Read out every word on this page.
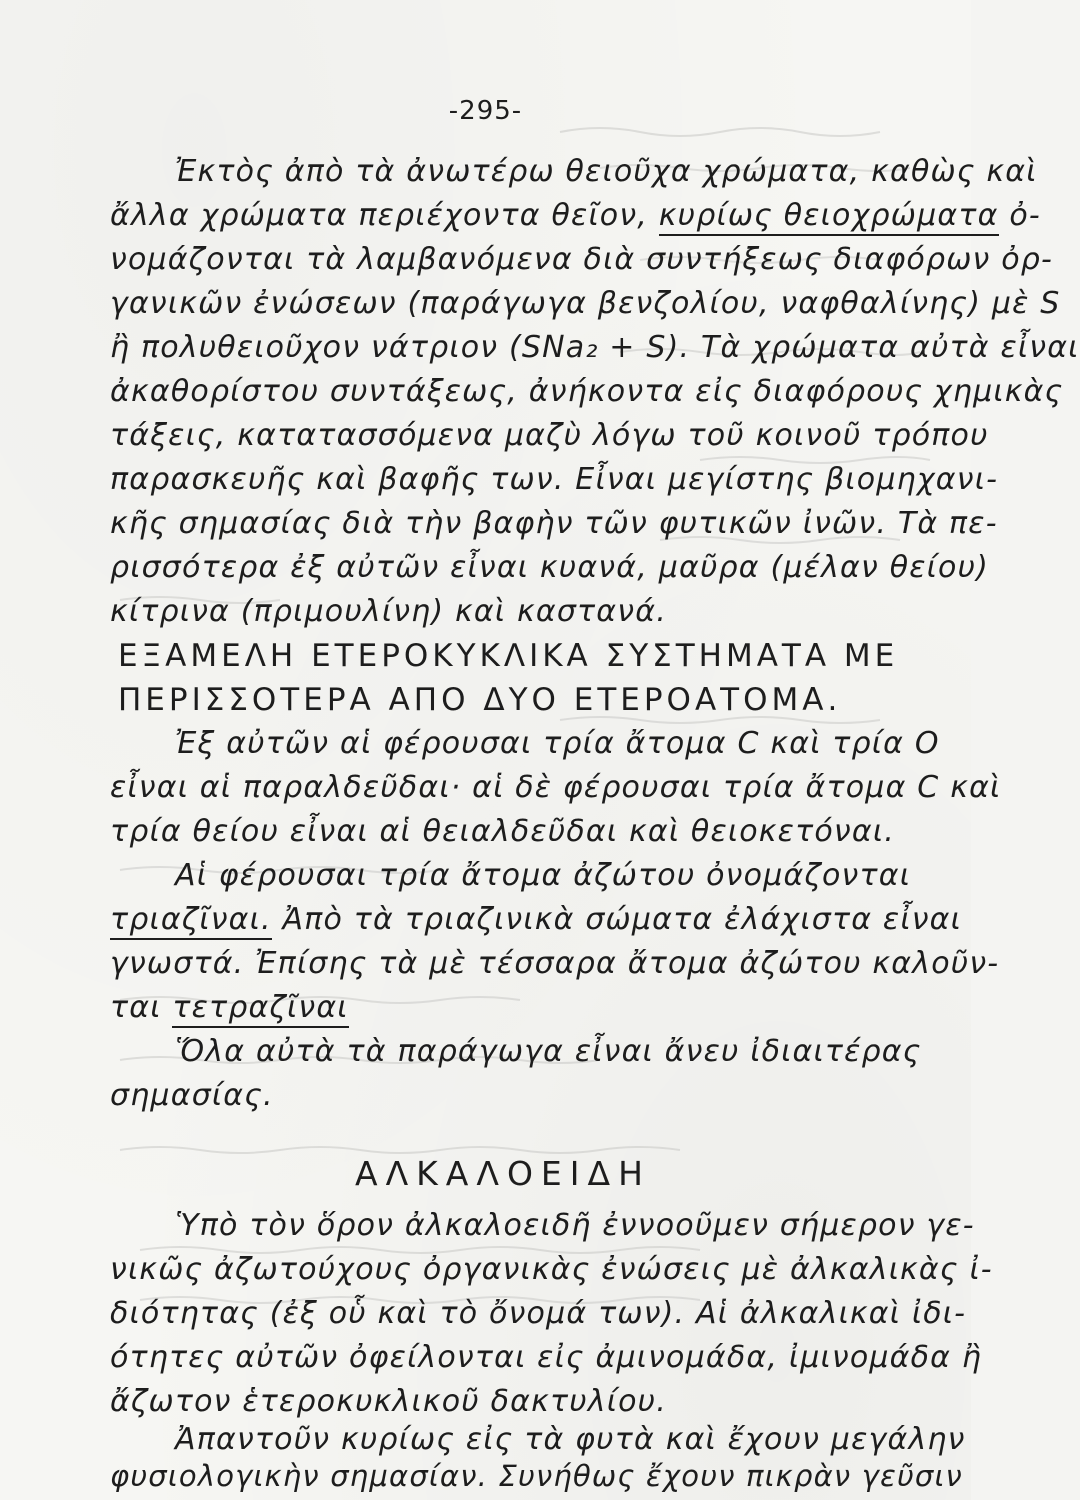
-295-
Ἐκτὸς ἀπὸ τὰ ἀνωτέρω θειοῦχα χρώματα, καθὼς καὶ
ἄλλα χρώματα περιέχοντα θεῖον, κυρίως θειοχρώματα ὀ-
νομάζονται τὰ λαμβανόμενα διὰ συντήξεως διαφόρων ὀρ-
γανικῶν ἐνώσεων (παράγωγα βενζολίου, ναφθαλίνης) μὲ S
ἢ πολυθειοῦχον νάτριον (SNa₂ + S). Τὰ χρώματα αὐτὰ εἶναι
ἀκαθορίστου συντάξεως, ἀνήκοντα εἰς διαφόρους χημικὰς
τάξεις, κατατασσόμενα μαζὺ λόγω τοῦ κοινοῦ τρόπου
παρασκευῆς καὶ βαφῆς των. Εἶναι μεγίστης βιομηχανι-
κῆς σημασίας διὰ τὴν βαφὴν τῶν φυτικῶν ἰνῶν. Τὰ πε-
ρισσότερα ἐξ αὐτῶν εἶναι κυανά, μαῦρα (μέλαν θείου)
κίτρινα (πριμουλίνη) καὶ καστανά.
ΕΞΑΜΕΛΗ ΕΤΕΡΟΚΥΚΛΙΚΑ ΣΥΣΤΗΜΑΤΑ ΜΕ
ΠΕΡΙΣΣΟΤΕΡΑ ΑΠΟ ΔΥΟ ΕΤΕΡΟΑΤΟΜΑ.
Ἐξ αὐτῶν αἱ φέρουσαι τρία ἄτομα C καὶ τρία O
εἶναι αἱ παραλδεῦδαι· αἱ δὲ φέρουσαι τρία ἄτομα C καὶ
τρία θείου εἶναι αἱ θειαλδεῦδαι καὶ θειοκετόναι.
Αἱ φέρουσαι τρία ἄτομα ἀζώτου ὀνομάζονται
τριαζῖναι. Ἀπὸ τὰ τριαζινικὰ σώματα ἐλάχιστα εἶναι
γνωστά. Ἐπίσης τὰ μὲ τέσσαρα ἄτομα ἀζώτου καλοῦν-
ται τετραζῖναι
Ὅλα αὐτὰ τὰ παράγωγα εἶναι ἄνευ ἰδιαιτέρας
σημασίας.
ΑΛΚΑΛΟΕΙΔΗ
Ὑπὸ τὸν ὅρον ἀλκαλοειδῆ ἐννοοῦμεν σήμερον γε-
νικῶς ἀζωτούχους ὀργανικὰς ἐνώσεις μὲ ἀλκαλικὰς ἰ-
διότητας (ἐξ οὗ καὶ τὸ ὄνομά των). Αἱ ἀλκαλικαὶ ἰδι-
ότητες αὐτῶν ὀφείλονται εἰς ἀμινομάδα, ἰμινομάδα ἢ
ἄζωτον ἑτεροκυκλικοῦ δακτυλίου.
Ἀπαντοῦν κυρίως εἰς τὰ φυτὰ καὶ ἔχουν μεγάλην
φυσιολογικὴν σημασίαν. Συνήθως ἔχουν πικρὰν γεῦσιν
